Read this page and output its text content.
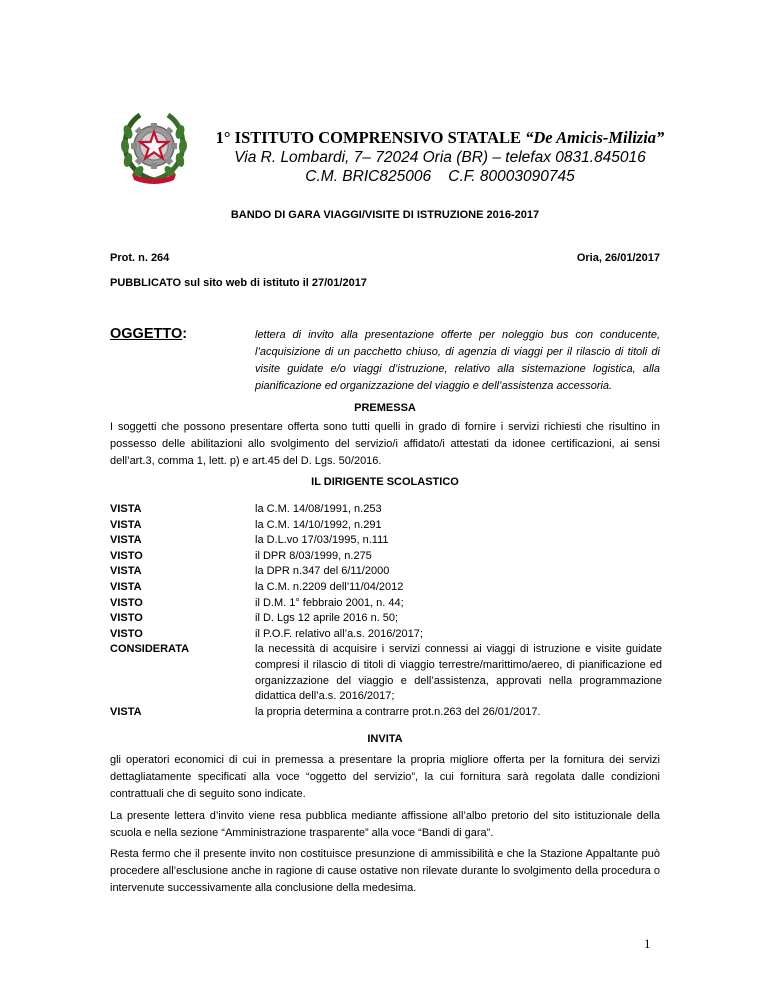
1° ISTITUTO COMPRENSIVO STATALE “De Amicis-Milizia”
Via R. Lombardi, 7– 72024 Oria (BR) – telefax 0831.845016
C.M. BRIC825006    C.F. 80003090745
BANDO DI GARA VIAGGI/VISITE DI ISTRUZIONE 2016-2017
Prot. n. 264	Oria, 26/01/2017
PUBBLICATO sul sito web di istituto il 27/01/2017
OGGETTO:	lettera di invito alla presentazione offerte per noleggio bus con conducente, l’acquisizione di un pacchetto chiuso, di agenzia di viaggi per il rilascio di titoli di visite guidate e/o viaggi d’istruzione, relativo alla sistemazione logistica, alla pianificazione ed organizzazione del viaggio e dell’assistenza accessoria.
PREMESSA
I soggetti che possono presentare offerta sono tutti quelli in grado di fornire i servizi richiesti che risultino in possesso delle abilitazioni allo svolgimento del servizio/i affidato/i attestati da idonee certificazioni, ai sensi dell’art.3, comma 1, lett. p) e art.45 del D. Lgs. 50/2016.
IL DIRIGENTE SCOLASTICO
VISTA	la C.M. 14/08/1991, n.253
VISTA	la C.M. 14/10/1992, n.291
VISTA	la D.L.vo 17/03/1995, n.111
VISTO	il DPR 8/03/1999, n.275
VISTA	la DPR n.347 del 6/11/2000
VISTA	la C.M. n.2209 dell’11/04/2012
VISTO	il D.M. 1° febbraio 2001, n. 44;
VISTO	il D. Lgs 12 aprile 2016 n. 50;
VISTO	il P.O.F. relativo all’a.s. 2016/2017;
CONSIDERATA	la necessità di acquisire i servizi connessi ai viaggi di istruzione e visite guidate compresi il rilascio di titoli di viaggio terrestre/marittimo/aereo, di pianificazione ed organizzazione del viaggio e dell’assistenza, approvati nella programmazione didattica dell’a.s. 2016/2017;
VISTA	la propria determina a contrarre prot.n.263 del 26/01/2017.
INVITA
gli operatori economici di cui in premessa a presentare la propria migliore offerta per la fornitura dei servizi dettagliatamente specificati alla voce “oggetto del servizio”, la cui fornitura sarà regolata dalle condizioni contrattuali che di seguito sono indicate.
La presente lettera d’invito viene resa pubblica mediante affissione all’albo pretorio del sito istituzionale della scuola e nella sezione “Amministrazione trasparente” alla voce “Bandi di gara”.
Resta fermo che il presente invito non costituisce presunzione di ammissibilità e che la Stazione Appaltante può procedere all’esclusione anche in ragione di cause ostative non rilevate durante lo svolgimento della procedura o intervenute successivamente alla conclusione della medesima.
1
